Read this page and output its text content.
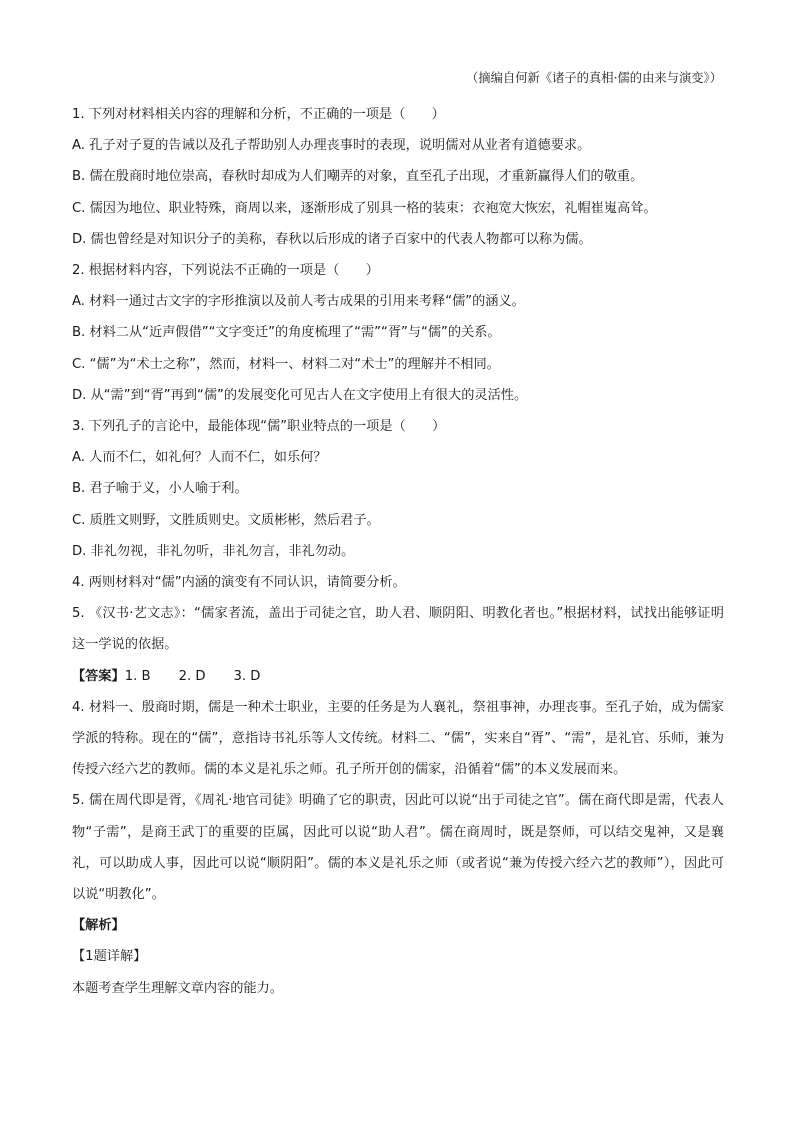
（摘编自何新《诸子的真相·儒的由来与演变》）
1. 下列对材料相关内容的理解和分析，不正确的一项是（　　）
A. 孔子对子夏的告诫以及孔子帮助别人办理丧事时的表现，说明儒对从业者有道德要求。
B. 儒在殷商时地位崇高，春秋时却成为人们嘲弄的对象，直至孔子出现，才重新赢得人们的敬重。
C. 儒因为地位、职业特殊，商周以来，逐渐形成了别具一格的装束：衣袍宽大恢宏，礼帽崔嵬高耸。
D. 儒也曾经是对知识分子的美称，春秋以后形成的诸子百家中的代表人物都可以称为儒。
2. 根据材料内容，下列说法不正确的一项是（　　）
A. 材料一通过古文字的字形推演以及前人考古成果的引用来考释“儒”的涵义。
B. 材料二从“近声假借”“文字变迁”的角度梳理了“需”“胥”与“儒”的关系。
C. “儒”为“术士之称”，然而，材料一、材料二对“术士”的理解并不相同。
D. 从“需”到“胥”再到“儒”的发展变化可见古人在文字使用上有很大的灵活性。
3. 下列孔子的言论中，最能体现“儒”职业特点的一项是（　　）
A. 人而不仁，如礼何？人而不仁，如乐何？
B. 君子喻于义，小人喻于利。
C. 质胜文则野，文胜质则史。文质彬彬，然后君子。
D. 非礼勿视，非礼勿听，非礼勿言，非礼勿动。
4. 两则材料对“儒”内涵的演变有不同认识，请简要分析。
5. 《汉书·艺文志》：“儒家者流，盖出于司徒之官，助人君、顺阴阳、明教化者也。”根据材料，试找出能够证明这一学说的依据。
【答案】1. B 2. D 3. D
4. 材料一、殷商时期，儒是一种术士职业，主要的任务是为人襄礼，祭祖事神，办理丧事。至孔子始，成为儒家学派的特称。现在的“儒”，意指诗书礼乐等人文传统。材料二、“儒”，实来自“胥”、“需”，是礼官、乐师，兼为传授六经六艺的教师。儒的本义是礼乐之师。孔子所开创的儒家，沿循着“儒”的本义发展而来。
5. 儒在周代即是胥，《周礼·地官司徒》明确了它的职责，因此可以说“出于司徒之官”。儒在商代即是需，代表人物“子需”，是商王武丁的重要的臣属，因此可以说“助人君”。儒在商周时，既是祭师，可以结交鬼神，又是襄礼，可以助成人事，因此可以说“顺阴阳”。儒的本义是礼乐之师（或者说“兼为传授六经六艺的教师”），因此可以说“明教化”。
【解析】
【1题详解】
本题考查学生理解文章内容的能力。
